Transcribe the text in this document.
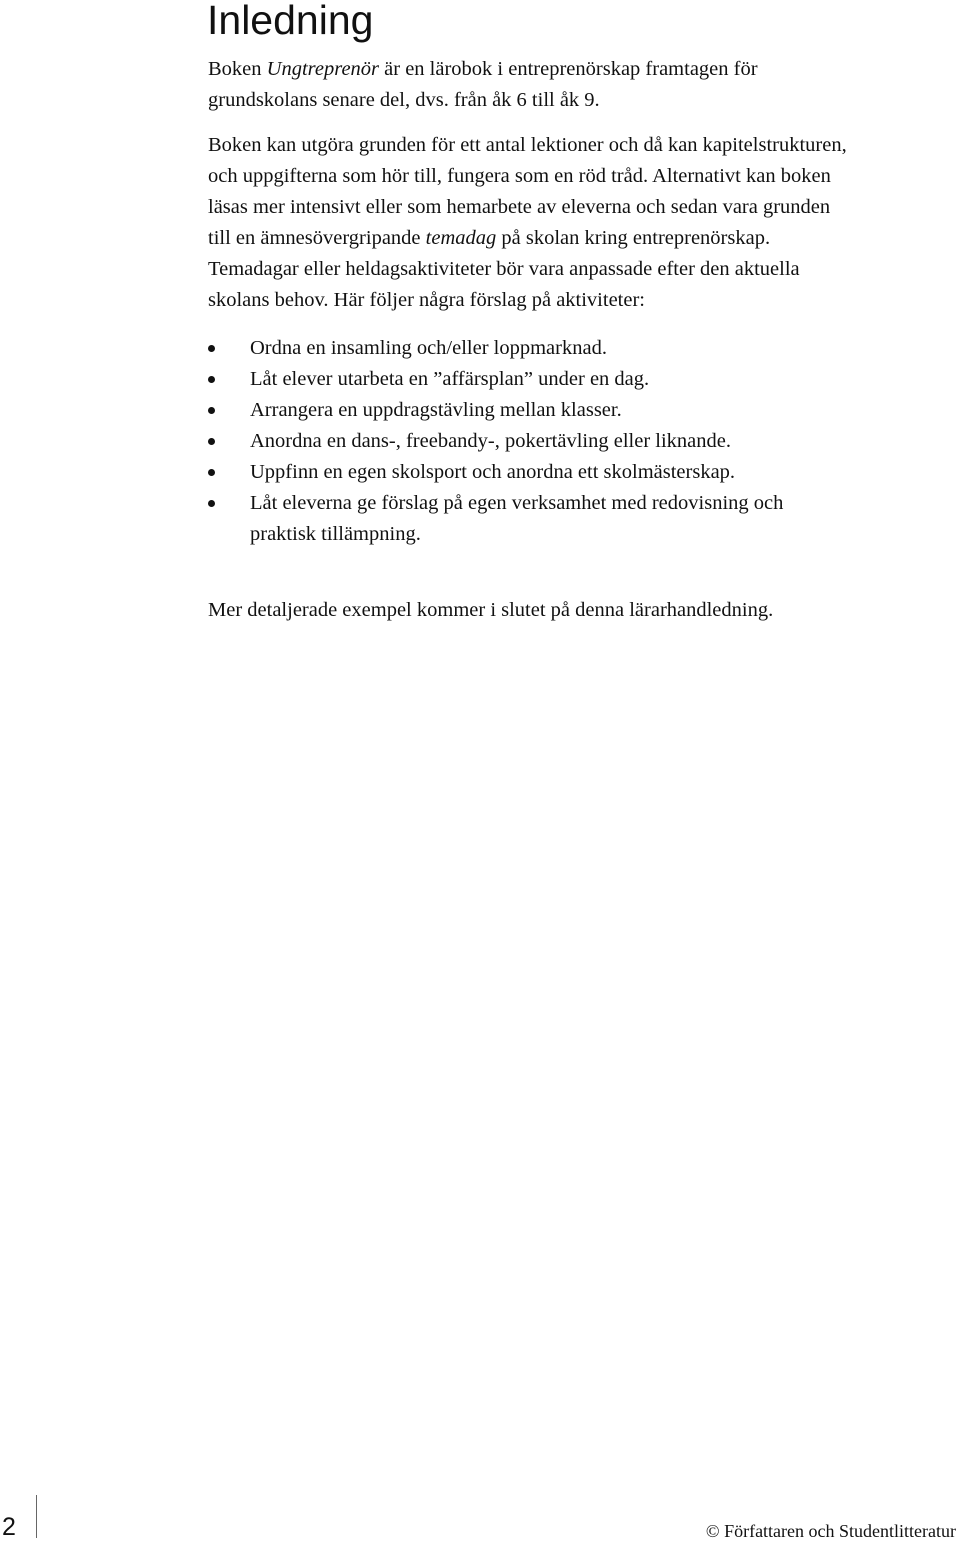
Inledning

Boken Ungtreprenör är en lärobok i entreprenörskap framtagen för
grundskolans senare del, dvs. från åk 6 till åk 9.

Boken kan utgöra grunden för ett antal lektioner och då kan kapitelstrukturen,
och uppgifterna som hör till, fungera som en röd tråd. Alternativt kan boken
läsas mer intensivt eller som hemarbete av eleverna och sedan vara grunden
till en ämnesövergripande temadag på skolan kring entreprenörskap.
Temadagar eller heldagsaktiviteter bör vara anpassade efter den aktuella
skolans behov. Här följer några förslag på aktiviteter:

Ordna en insamling och/eller loppmarknad.
Låt elever utarbeta en ”affärsplan” under en dag.
Arrangera en uppdragstävling mellan klasser.
Anordna en dans-, freebandy-, pokertävling eller liknande.
Uppfinn en egen skolsport och anordna ett skolmästerskap.
Låt eleverna ge förslag på egen verksamhet med redovisning och
praktisk tillämpning.

Mer detaljerade exempel kommer i slutet på denna lärarhandledning.

2	© Författaren och Studentlitteratur
